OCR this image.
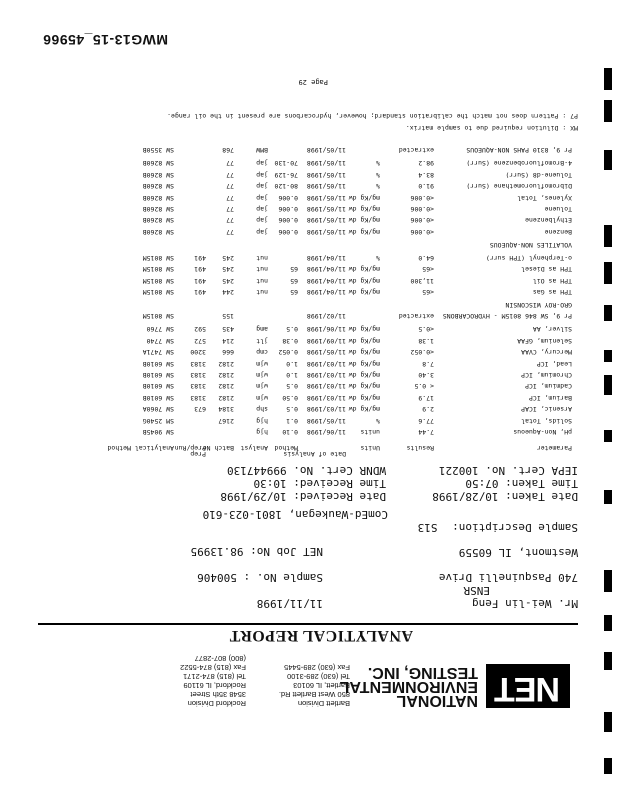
NET
NATIONAL
ENVIRONMENTAL
TESTING, INC.
Bartlett Division
850 West Bartlett Rd.
Bartlett, IL 60103
Tel (630) 289-3100
Fax (630) 289-5445
Rockford Division
3548 35th Street
Rockford, IL 61109
Tel (815) 874-2171
Fax (815) 874-5522
(800) 807-2877
ANALYTICAL REPORT
Mr. Wei-lin Feng
ENSR
740 Pasquinelli Drive
Westmont, IL 60559
11/11/1998
Sample No. : 500406
NET Job No: 98.13995
Sample Description: S13
ComEd-Waukegan, 1801-023-610
Date Taken: 10/28/1998
Time Taken: 07:50
IEPA Cert. No. 100221
Date Received: 10/29/1998
Time Received: 10:30
WDNR Cert. No. 999447130
Parameter
Results
Units
Date of Analysis
Method
Analyst
Batch No.
Prep
Prep/Run
Analytical Method
pH, Non-Aqueous
7.44
units
11/06/1998
0.10
hjg
SW 9045B
Solids, Total
77.6
%
11/05/1998
0.1
hjg
2167
SM 2540G
Arsenic, ICAP
2.9
mg/Kg dw
11/03/1998
0.5
shp
3184
673
SW 7060A
Barium, ICP
17.9
mg/Kg dw
11/03/1998
0.50
wjm
2182
3183
SW 6010B
Cadmium, ICP
< 0.5
mg/Kg dw
11/03/1998
0.5
wjm
2182
3183
SW 6010B
Chromium, ICP
3.40
mg/Kg dw
11/03/1998
1.0
wjm
2182
3183
SW 6010B
Lead, ICP
7.8
mg/Kg dw
11/03/1998
1.0
wjm
2182
3183
SW 6010B
Mercury, CVAA
<0.052
mg/Kg dw
11/05/1998
0.052
cmp
666
3200
SW 7471A
Selenium, GFAA
1.38
mg/Kg dw
11/09/1998
0.38
jlt
214
572
SW 7740
Silver, AA
<0.5
mg/Kg dw
11/06/1998
0.5
amg
435
592
SW 7760
Pr 9, SW 846 8015M - HYDROCARBONS
extracted
11/02/1998
155
SW 8015M
GRO-ROY WISCONSIN
TPH as Gas
<65
mg/Kg dw
11/04/1998
65
nut
244
491
SW 8015M
TPH as Oil
11,300
mg/Kg dw
11/04/1998
65
nut
245
491
SW 8015M
TPH as Diesel
<65
mg/Kg dw
11/04/1998
65
nut
245
491
SW 8015M
o-Terphenyl (TPH surr)
64.0
%
11/04/1998
nut
245
491
SW 8015M
VOLATILES NON-AQUEOUS
Benzene
<0.006
mg/Kg dw
11/05/1998
0.006
jap
77
SW 8260B
Ethylbenzene
<0.006
mg/Kg dw
11/05/1998
0.006
jap
77
SW 8260B
Toluene
<0.006
mg/Kg dw
11/05/1998
0.006
jap
77
SW 8260B
Xylenes, Total
<0.006
mg/Kg dw
11/05/1998
0.006
jap
77
SW 8260B
Dibromofluoromethane (Surr)
91.0
%
11/05/1998
80-120
jap
77
SW 8260B
Toluene-d8 (Surr)
83.4
%
11/05/1998
76-129
jap
77
SW 8260B
4-Bromofluorobenzene (Surr)
98.2
%
11/05/1998
70-130
jap
77
SW 8260B
Pr 9, 8310 PAHS NON-AQUEOUS
extracted
11/05/1998
BMW
768
SW 3550B
MX : Dilution required due to sample matrix.
P7 : Pattern does not match the calibration standard; however, hydrocarbons are present in the oil range.
Page 29
MWG13-15_45966
